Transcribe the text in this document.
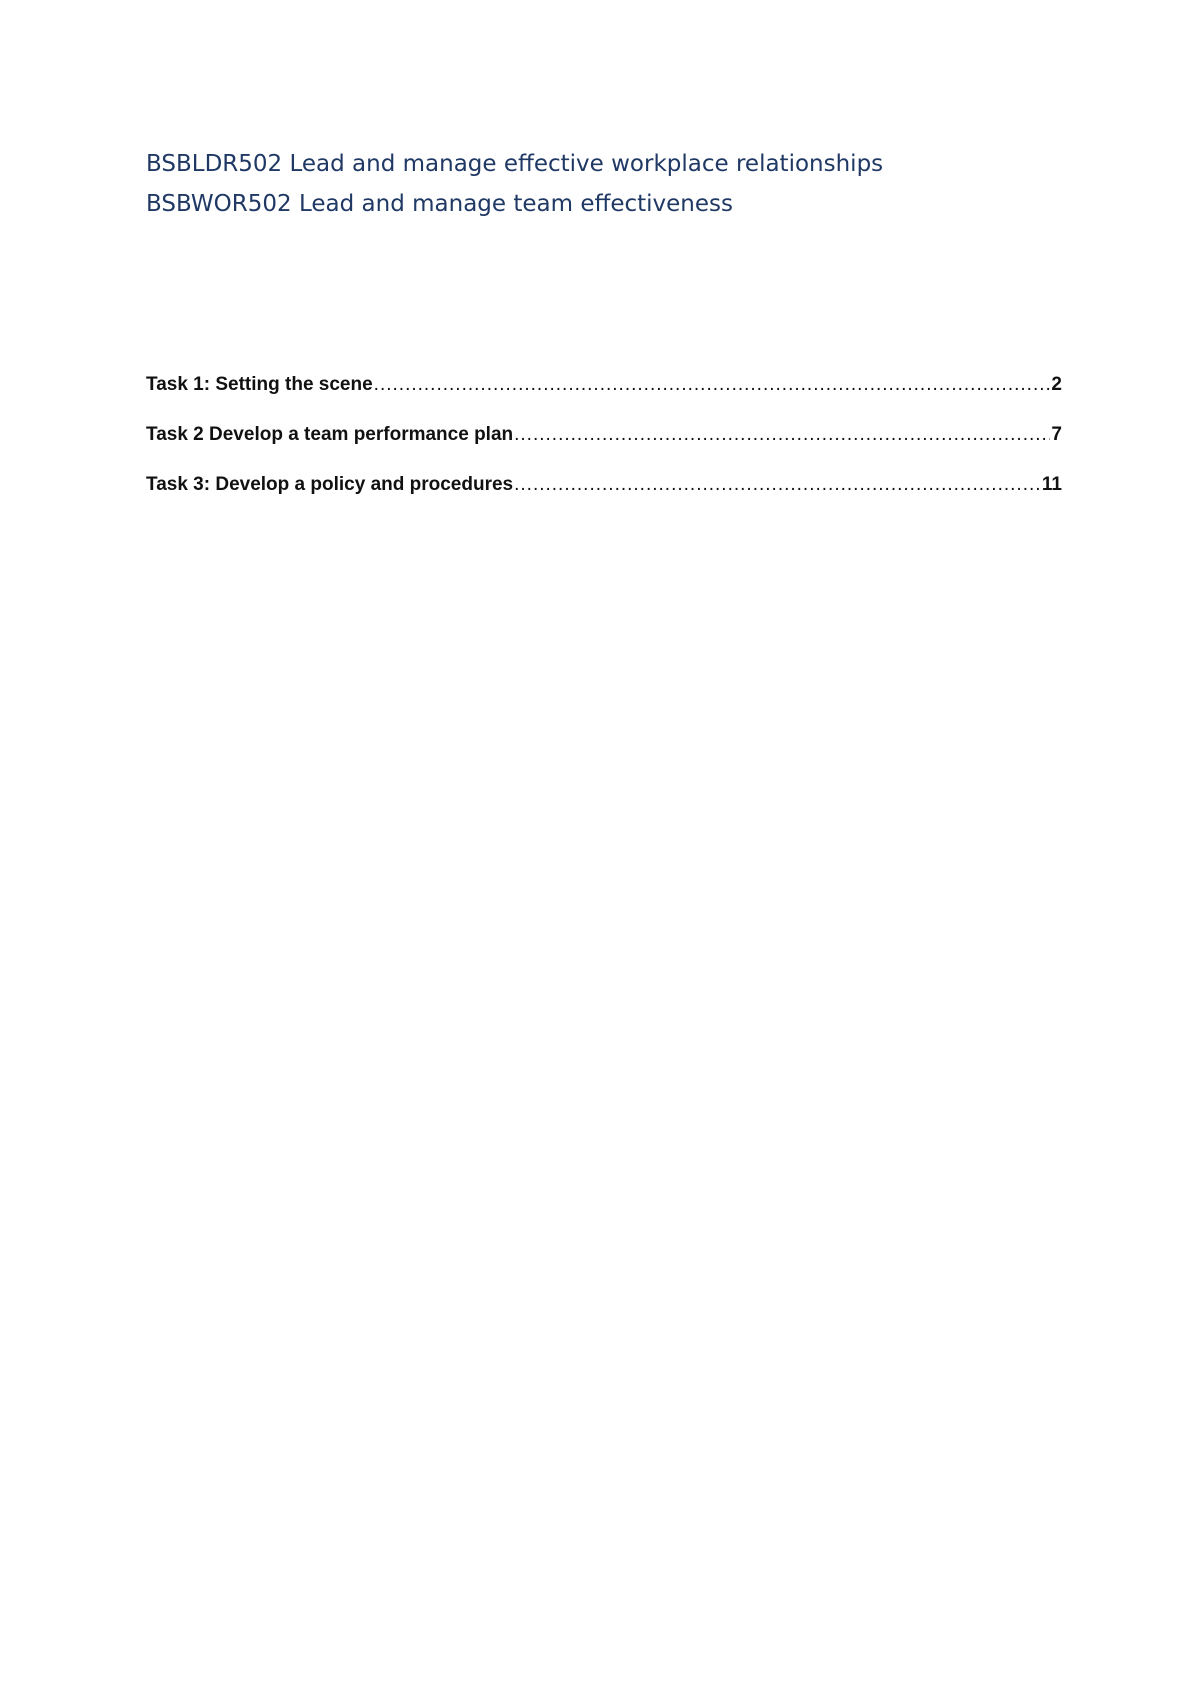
BSBLDR502 Lead and manage effective workplace relationships
BSBWOR502 Lead and manage team effectiveness
Task 1: Setting the scene .....	2
Task 2 Develop a team performance plan .....	7
Task 3: Develop a policy and procedures .....	11
